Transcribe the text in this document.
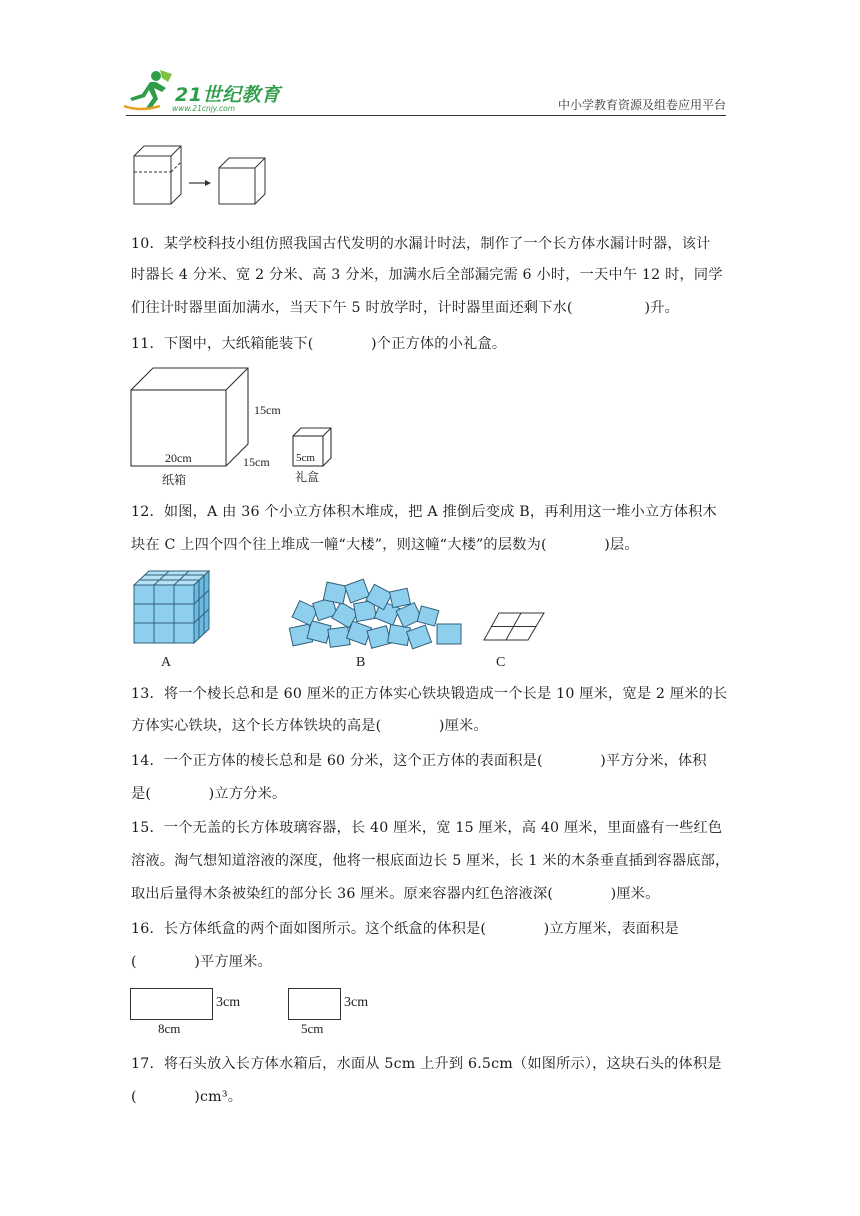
21世纪教育
www.21cnjy.com	中小学教育资源及组卷应用平台
10．某学校科技小组仿照我国古代发明的水漏计时法，制作了一个长方体水漏计时器，该计
时器长 4 分米、宽 2 分米、高 3 分米，加满水后全部漏完需 6 小时，一天中午 12 时，同学
们往计时器里面加满水，当天下午 5 时放学时，计时器里面还剩下水(　　　　　)升。
11．下图中，大纸箱能装下(　　　　)个正方体的小礼盒。
15cm
15cm
20cm
纸箱
5cm
礼盒
12．如图，A 由 36 个小立方体积木堆成，把 A 推倒后变成 B，再利用这一堆小立方体积木
块在 C 上四个四个往上堆成一幢“大楼”，则这幢“大楼”的层数为(　　　　)层。
A	B	C
13．将一个棱长总和是 60 厘米的正方体实心铁块锻造成一个长是 10 厘米，宽是 2 厘米的长
方体实心铁块，这个长方体铁块的高是(　　　　)厘米。
14．一个正方体的棱长总和是 60 分米，这个正方体的表面积是(　　　　)平方分米，体积
是(　　　　)立方分米。
15．一个无盖的长方体玻璃容器，长 40 厘米，宽 15 厘米，高 40 厘米，里面盛有一些红色
溶液。淘气想知道溶液的深度，他将一根底面边长 5 厘米，长 1 米的木条垂直插到容器底部，
取出后量得木条被染红的部分长 36 厘米。原来容器内红色溶液深(　　　　)厘米。
16．长方体纸盒的两个面如图所示。这个纸盒的体积是(　　　　)立方厘米，表面积是
(　　　　)平方厘米。
3cm
8cm
3cm
5cm
17．将石头放入长方体水箱后，水面从 5cm 上升到 6.5cm（如图所示），这块石头的体积是
(　　　　)cm³。
